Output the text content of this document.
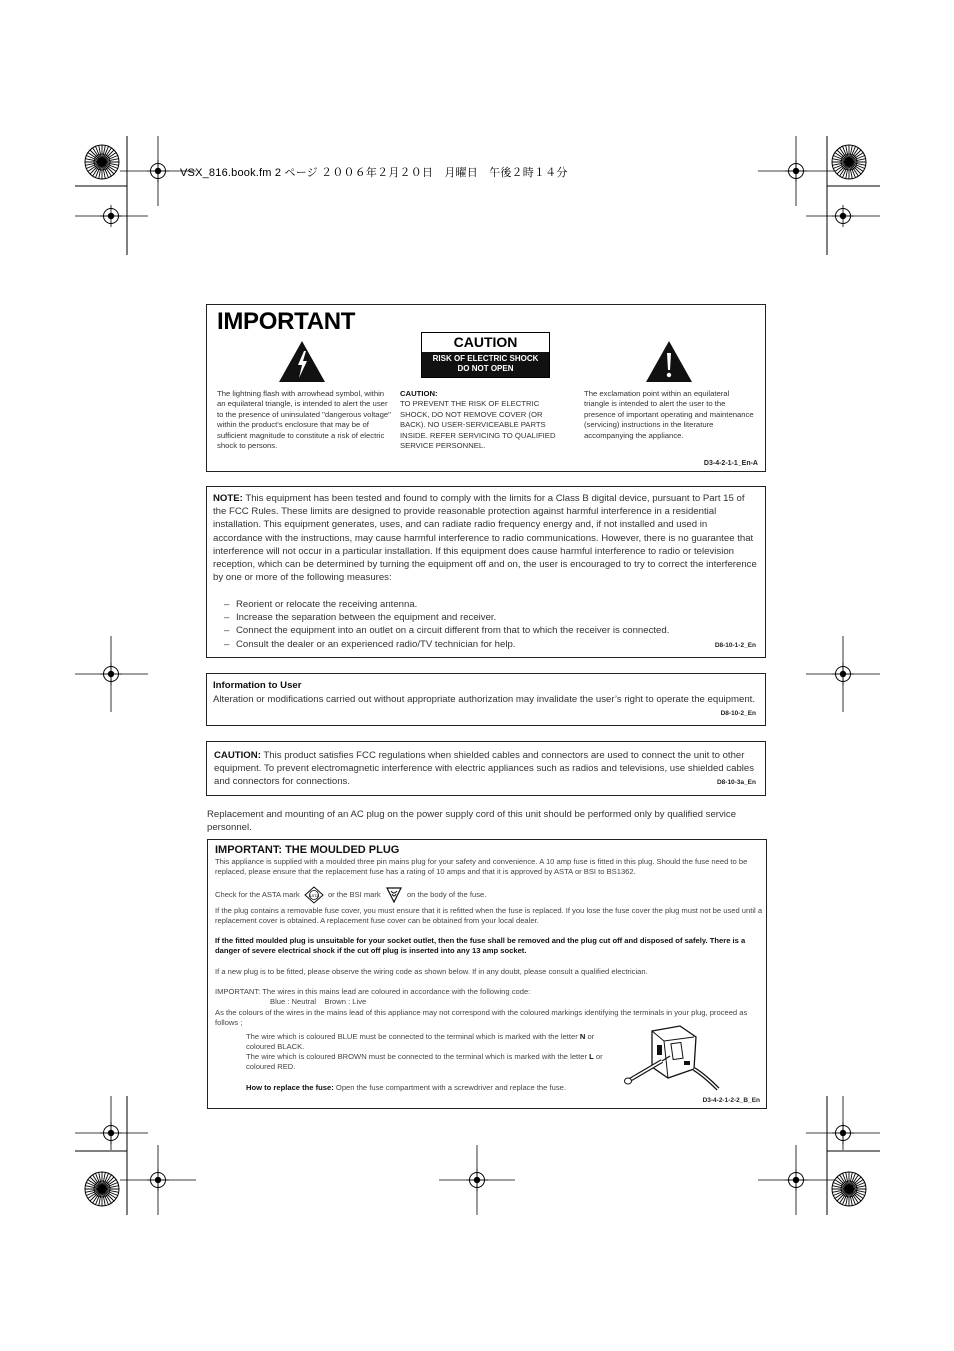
VSX_816.book.fm 2 ページ ２００６年２月２０日　月曜日　午後２時１４分
IMPORTANT
CAUTION
RISK OF ELECTRIC SHOCK
DO NOT OPEN
The lightning flash with arrowhead symbol, within an equilateral triangle, is intended to alert the user to the presence of uninsulated "dangerous voltage" within the product's enclosure that may be of sufficient magnitude to constitute a risk of electric shock to persons.
CAUTION:
TO PREVENT THE RISK OF ELECTRIC SHOCK, DO NOT REMOVE COVER (OR BACK). NO USER-SERVICEABLE PARTS INSIDE. REFER SERVICING TO QUALIFIED SERVICE PERSONNEL.
The exclamation point within an equilateral triangle is intended to alert the user to the presence of important operating and maintenance (servicing) instructions in the literature accompanying the appliance.
D3-4-2-1-1_En-A
NOTE: This equipment has been tested and found to comply with the limits for a Class B digital device, pursuant to Part 15 of the FCC Rules. These limits are designed to provide reasonable protection against harmful interference in a residential installation. This equipment generates, uses, and can radiate radio frequency energy and, if not installed and used in accordance with the instructions, may cause harmful interference to radio communications. However, there is no guarantee that interference will not occur in a particular installation. If this equipment does cause harmful interference to radio or television reception, which can be determined by turning the equipment off and on, the user is encouraged to try to correct the interference by one or more of the following measures:
– Reorient or relocate the receiving antenna.
– Increase the separation between the equipment and receiver.
– Connect the equipment into an outlet on a circuit different from that to which the receiver is connected.
– Consult the dealer or an experienced radio/TV technician for help.	D8-10-1-2_En
Information to User
Alteration or modifications carried out without appropriate authorization may invalidate the user’s right to operate the equipment.
D8-10-2_En
CAUTION: This product satisfies FCC regulations when shielded cables and connectors are used to connect the unit to other equipment. To prevent electromagnetic interference with electric appliances such as radios and televisions, use shielded cables and connectors for connections.	D8-10-3a_En
Replacement and mounting of an AC plug on the power supply cord of this unit should be performed only by qualified service personnel.
IMPORTANT: THE MOULDED PLUG
This appliance is supplied with a moulded three pin mains plug for your safety and convenience. A 10 amp fuse is fitted in this plug. Should the fuse need to be replaced, please ensure that the replacement fuse has a rating of 10 amps and that it is approved by ASTA or BSI to BS1362.
Check for the ASTA mark ASTA or the BSI mark	on the body of the fuse.
If the plug contains a removable fuse cover, you must ensure that it is refitted when the fuse is replaced. If you lose the fuse cover the plug must not be used until a replacement cover is obtained. A replacement fuse cover can be obtained from your local dealer.
If the fitted moulded plug is unsuitable for your socket outlet, then the fuse shall be removed and the plug cut off and disposed of safely. There is a danger of severe electrical shock if the cut off plug is inserted into any 13 amp socket.
If a new plug is to be fitted, please observe the wiring code as shown below. If in any doubt, please consult a qualified electrician.
IMPORTANT: The wires in this mains lead are coloured in accordance with the following code:
Blue : Neutral    Brown : Live
As the colours of the wires in the mains lead of this appliance may not correspond with the coloured markings identifying the terminals in your plug, proceed as follows ;
The wire which is coloured BLUE must be connected to the terminal which is marked with the letter N or coloured BLACK.
The wire which is coloured BROWN must be connected to the terminal which is marked with the letter L or coloured RED.
How to replace the fuse: Open the fuse compartment with a screwdriver and replace the fuse.
D3-4-2-1-2-2_B_En
